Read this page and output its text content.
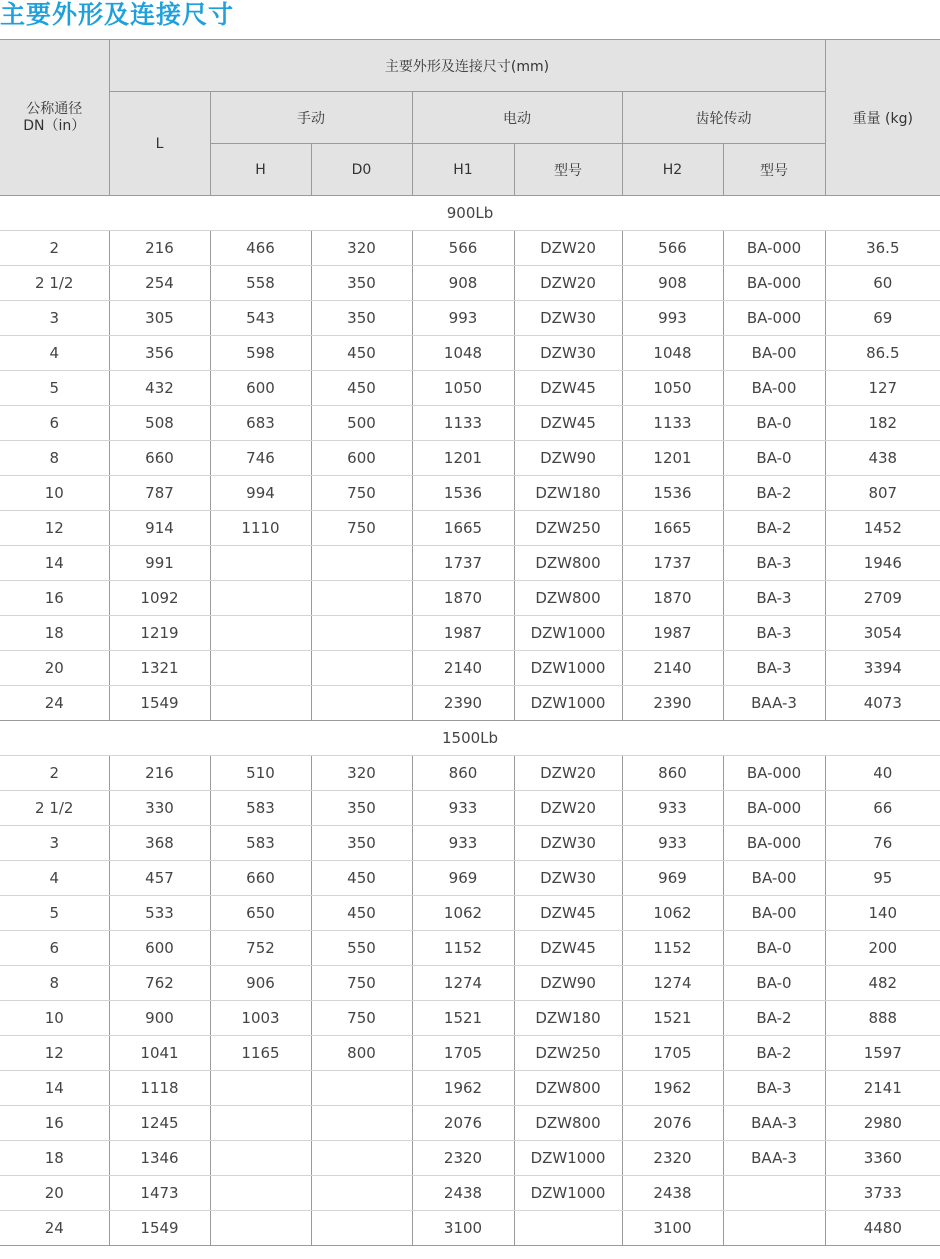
主要外形及连接尺寸
公称通径
DN（in）	主要外形及连接尺寸(mm)							重量 (kg)
	L	手动		电动		齿轮传动		
		H	D0	H1	型号	H2	型号	
900Lb								
2	216	466	320	566	DZW20	566	BA-000	36.5
2 1/2	254	558	350	908	DZW20	908	BA-000	60
3	305	543	350	993	DZW30	993	BA-000	69
4	356	598	450	1048	DZW30	1048	BA-00	86.5
5	432	600	450	1050	DZW45	1050	BA-00	127
6	508	683	500	1133	DZW45	1133	BA-0	182
8	660	746	600	1201	DZW90	1201	BA-0	438
10	787	994	750	1536	DZW180	1536	BA-2	807
12	914	1110	750	1665	DZW250	1665	BA-2	1452
14	991			1737	DZW800	1737	BA-3	1946
16	1092			1870	DZW800	1870	BA-3	2709
18	1219			1987	DZW1000	1987	BA-3	3054
20	1321			2140	DZW1000	2140	BA-3	3394
24	1549			2390	DZW1000	2390	BAA-3	4073
1500Lb								
2	216	510	320	860	DZW20	860	BA-000	40
2 1/2	330	583	350	933	DZW20	933	BA-000	66
3	368	583	350	933	DZW30	933	BA-000	76
4	457	660	450	969	DZW30	969	BA-00	95
5	533	650	450	1062	DZW45	1062	BA-00	140
6	600	752	550	1152	DZW45	1152	BA-0	200
8	762	906	750	1274	DZW90	1274	BA-0	482
10	900	1003	750	1521	DZW180	1521	BA-2	888
12	1041	1165	800	1705	DZW250	1705	BA-2	1597
14	1118			1962	DZW800	1962	BA-3	2141
16	1245			2076	DZW800	2076	BAA-3	2980
18	1346			2320	DZW1000	2320	BAA-3	3360
20	1473			2438	DZW1000	2438		3733
24	1549			3100		3100		4480
